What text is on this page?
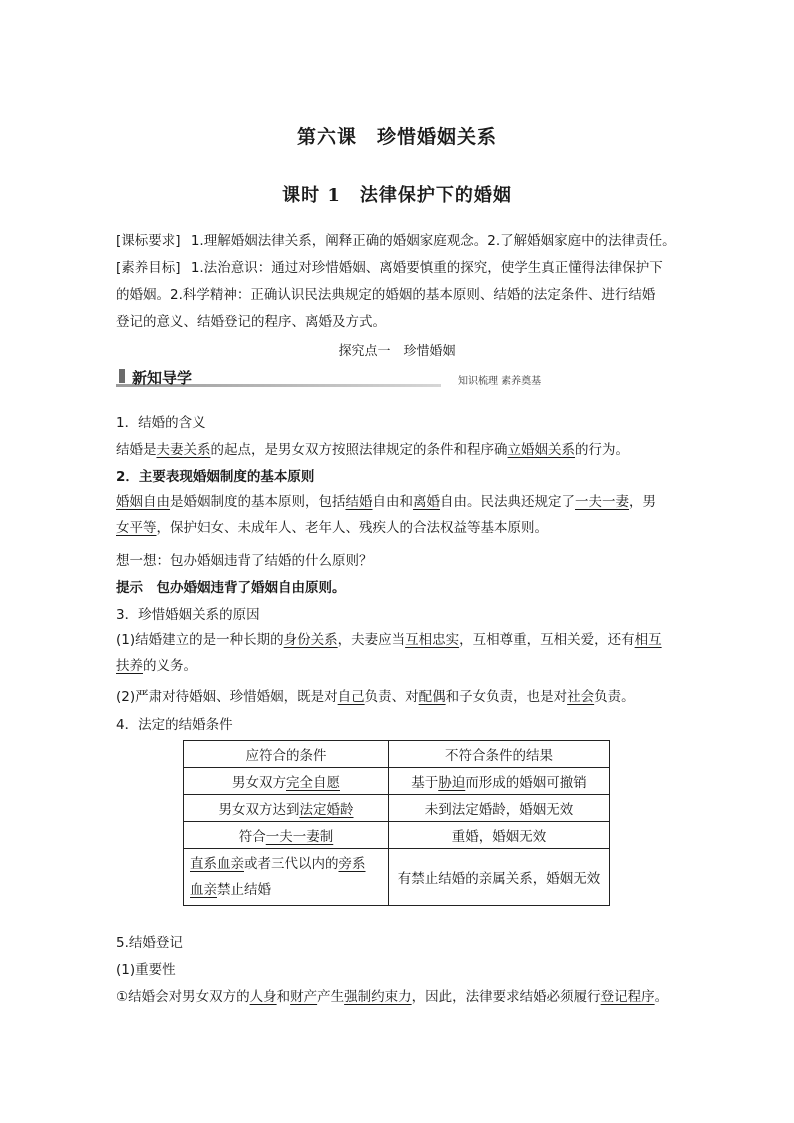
第六课　珍惜婚姻关系
课时 1　法律保护下的婚姻
[课标要求] 1.理解婚姻法律关系，阐释正确的婚姻家庭观念。2.了解婚姻家庭中的法律责任。
[素养目标] 1.法治意识：通过对珍惜婚姻、离婚要慎重的探究，使学生真正懂得法律保护下
的婚姻。2.科学精神：正确认识民法典规定的婚姻的基本原则、结婚的法定条件、进行结婚
登记的意义、结婚登记的程序、离婚及方式。
探究点一　珍惜婚姻
新知导学	知识梳理 素养奠基
1．结婚的含义
结婚是夫妻关系的起点，是男女双方按照法律规定的条件和程序确立婚姻关系的行为。
2．主要表现婚姻制度的基本原则
婚姻自由是婚姻制度的基本原则，包括结婚自由和离婚自由。民法典还规定了一夫一妻，男
女平等，保护妇女、未成年人、老年人、残疾人的合法权益等基本原则。
想一想：包办婚姻违背了结婚的什么原则？
提示　包办婚姻违背了婚姻自由原则。
3．珍惜婚姻关系的原因
(1)结婚建立的是一种长期的身份关系，夫妻应当互相忠实，互相尊重，互相关爱，还有相互
扶养的义务。
(2)严肃对待婚姻、珍惜婚姻，既是对自己负责、对配偶和子女负责，也是对社会负责。
4．法定的结婚条件
应符合的条件	不符合条件的结果
男女双方完全自愿	基于胁迫而形成的婚姻可撤销
男女双方达到法定婚龄	未到法定婚龄，婚姻无效
符合一夫一妻制	重婚，婚姻无效
直系血亲或者三代以内的旁系
血亲禁止结婚	有禁止结婚的亲属关系，婚姻无效
5.结婚登记
(1)重要性
①结婚会对男女双方的人身和财产产生强制约束力，因此，法律要求结婚必须履行登记程序。
